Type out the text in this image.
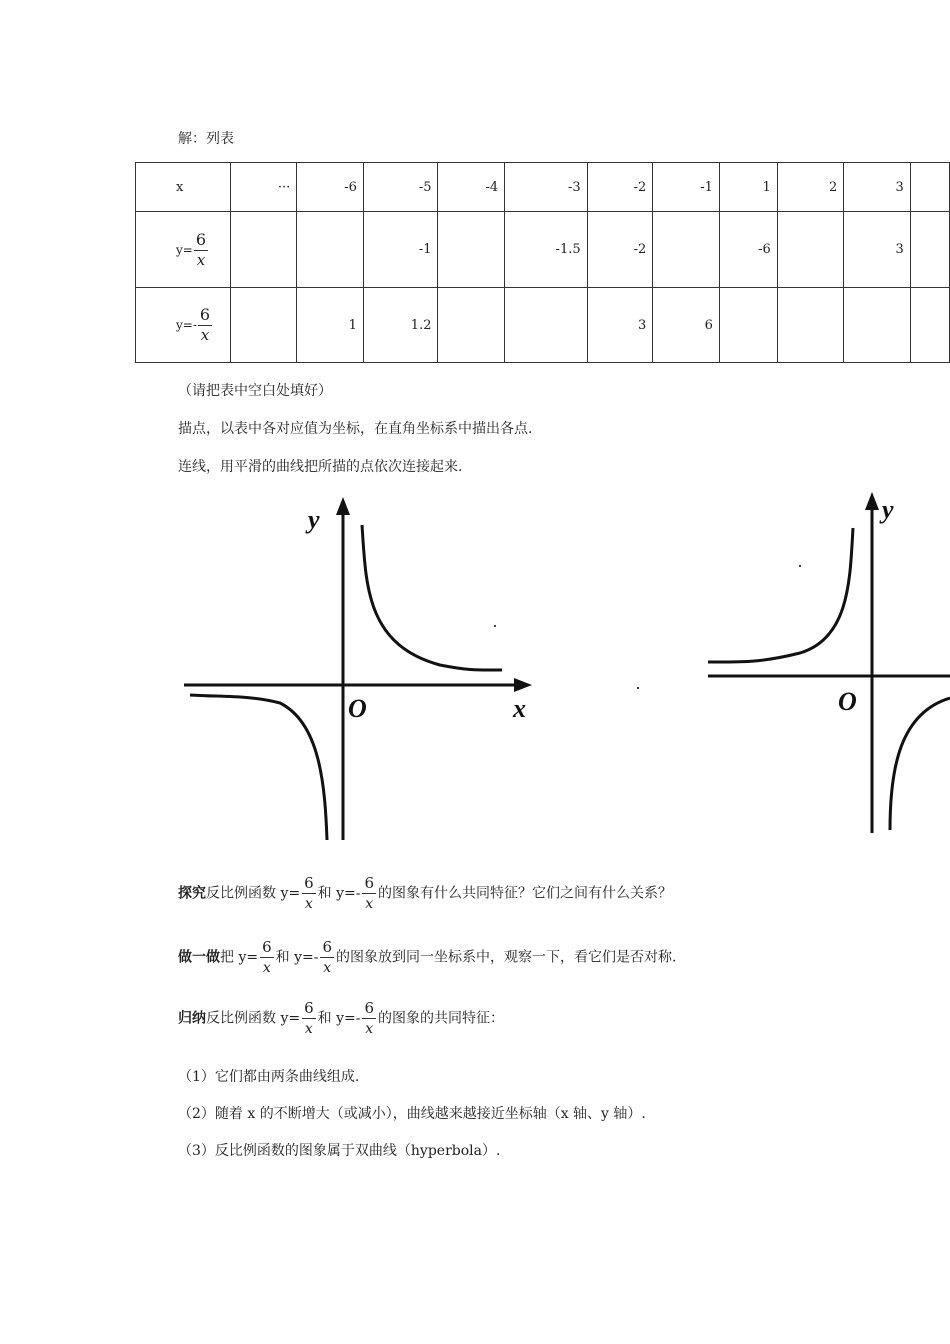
解：列表
x	···	-6	-5	-4	-3	-2	-1	1	2	3	

$y= \frac{6}{x}$			-1		-1.5	-2		-6		3	

$y=- \frac{6}{x}$		1	1.2			3	6				
（请把表中空白处填好）
描点，以表中各对应值为坐标，在直角坐标系中描出各点.
连线，用平滑的曲线把所描的点依次连接起来.
y
x
O
y
O
探究反比例函数 $y= \frac{6}{x}$ 和 $y=- \frac{6}{x}$ 的图象有什么共同特征？它们之间有什么关系？
做一做把 $y= \frac{6}{x}$ 和 $y=- \frac{6}{x}$ 的图象放到同一坐标系中，观察一下，看它们是否对称.
归纳反比例函数 $y= \frac{6}{x}$ 和 $y=- \frac{6}{x}$ 的图象的共同特征：
（1）它们都由两条曲线组成.
（2）随着 x 的不断增大（或减小），曲线越来越接近坐标轴（x 轴、y 轴）.
（3）反比例函数的图象属于双曲线（hyperbola）.
